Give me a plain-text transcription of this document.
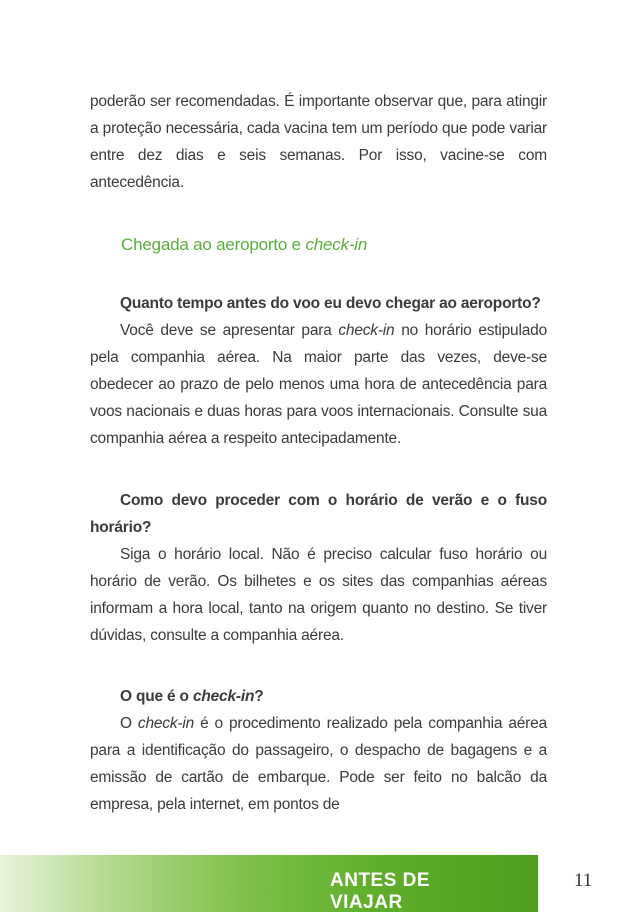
poderão ser recomendadas. É importante observar que, para atingir a proteção necessária, cada vacina tem um período que pode variar entre dez dias e seis semanas. Por isso, vacine-se com antecedência.

Chegada ao aeroporto e check-in

Quanto tempo antes do voo eu devo chegar ao aeroporto?

Você deve se apresentar para check-in no horário estipulado pela companhia aérea. Na maior parte das vezes, deve-se obedecer ao prazo de pelo menos uma hora de antecedência para voos nacionais e duas horas para voos internacionais. Consulte sua companhia aérea a respeito antecipadamente.

Como devo proceder com o horário de verão e o fuso horário?

Siga o horário local. Não é preciso calcular fuso horário ou horário de verão. Os bilhetes e os sites das companhias aéreas informam a hora local, tanto na origem quanto no destino. Se tiver dúvidas, consulte a companhia aérea.

O que é o check-in?

O check-in é o procedimento realizado pela companhia aérea para a identificação do passageiro, o despacho de bagagens e a emissão de cartão de embarque. Pode ser feito no balcão da empresa, pela internet, em pontos de

ANTES DE VIAJAR
11
